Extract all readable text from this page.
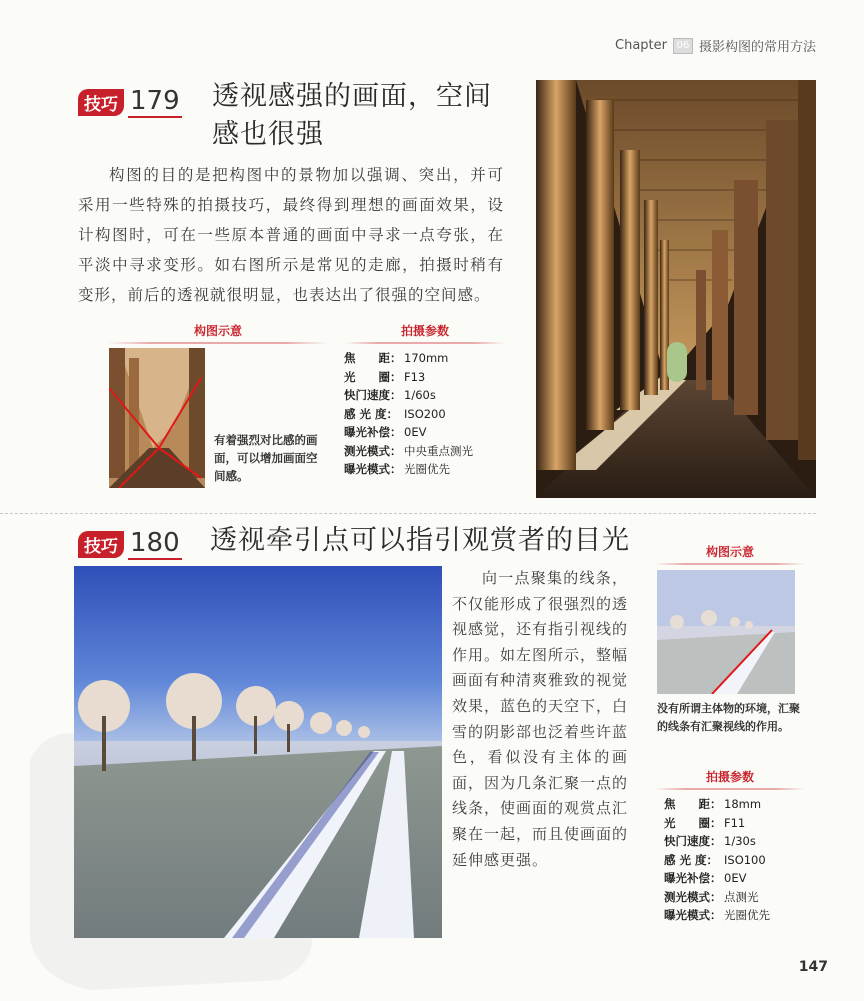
Chapter 06 摄影构图的常用方法
技巧 179 透视感强的画面，空间
感也很强
构图的目的是把构图中的景物加以强调、突出，并可采用一些特殊的拍摄技巧，最终得到理想的画面效果，设计构图时，可在一些原本普通的画面中寻求一点夸张，在平淡中寻求变形。如右图所示是常见的走廊，拍摄时稍有变形，前后的透视就很明显，也表达出了很强的空间感。
构图示意
有着强烈对比感的画面，可以增加画面空间感。
拍摄参数
焦　　距： 170mm
光　　圈： F13
快门速度： 1/60s
感 光 度： ISO200
曝光补偿： 0EV
测光模式： 中央重点测光
曝光模式： 光圈优先
技巧 180 透视牵引点可以指引观赏者的目光
向一点聚集的线条，不仅能形成了很强烈的透视感觉，还有指引视线的作用。如左图所示，整幅画面有种清爽雅致的视觉效果，蓝色的天空下，白雪的阴影部也泛着些许蓝色，看似没有主体的画面，因为几条汇聚一点的线条，使画面的观赏点汇聚在一起，而且使画面的延伸感更强。
构图示意
没有所谓主体物的环境，汇聚的线条有汇聚视线的作用。
拍摄参数
焦　　距： 18mm
光　　圈： F11
快门速度： 1/30s
感 光 度： ISO100
曝光补偿： 0EV
测光模式： 点测光
曝光模式： 光圈优先
147
